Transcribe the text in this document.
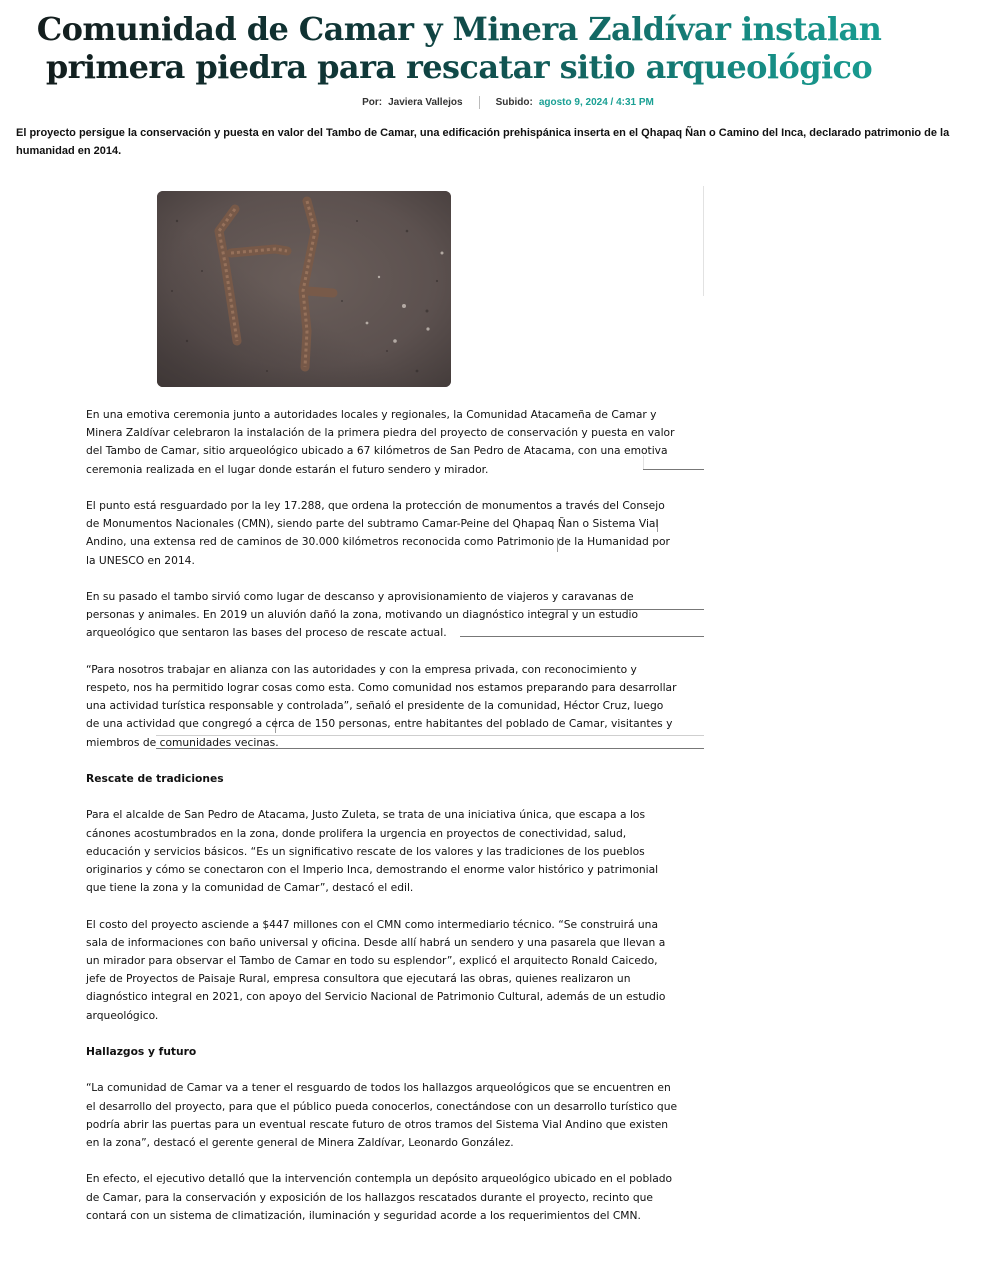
Comunidad de Camar y Minera Zaldívar instalan primera piedra para rescatar sitio arqueológico
Por: Javiera Vallejos	Subido: agosto 9, 2024 / 4:31 PM

El proyecto persigue la conservación y puesta en valor del Tambo de Camar, una edificación prehispánica inserta en el Qhapaq Ñan o Camino del Inca, declarado patrimonio de la humanidad en 2014.

En una emotiva ceremonia junto a autoridades locales y regionales, la Comunidad Atacameña de Camar y Minera Zaldívar celebraron la instalación de la primera piedra del proyecto de conservación y puesta en valor del Tambo de Camar, sitio arqueológico ubicado a 67 kilómetros de San Pedro de Atacama, con una emotiva ceremonia realizada en el lugar donde estarán el futuro sendero y mirador.

El punto está resguardado por la ley 17.288, que ordena la protección de monumentos a través del Consejo de Monumentos Nacionales (CMN), siendo parte del subtramo Camar-Peine del Qhapaq Ñan o Sistema Vial Andino, una extensa red de caminos de 30.000 kilómetros reconocida como Patrimonio de la Humanidad por la UNESCO en 2014.

En su pasado el tambo sirvió como lugar de descanso y aprovisionamiento de viajeros y caravanas de personas y animales. En 2019 un aluvión dañó la zona, motivando un diagnóstico integral y un estudio arqueológico que sentaron las bases del proceso de rescate actual.

“Para nosotros trabajar en alianza con las autoridades y con la empresa privada, con reconocimiento y respeto, nos ha permitido lograr cosas como esta. Como comunidad nos estamos preparando para desarrollar una actividad turística responsable y controlada”, señaló el presidente de la comunidad, Héctor Cruz, luego de una actividad que congregó a cerca de 150 personas, entre habitantes del poblado de Camar, visitantes y miembros de comunidades vecinas.

Rescate de tradiciones

Para el alcalde de San Pedro de Atacama, Justo Zuleta, se trata de una iniciativa única, que escapa a los cánones acostumbrados en la zona, donde prolifera la urgencia en proyectos de conectividad, salud, educación y servicios básicos. “Es un significativo rescate de los valores y las tradiciones de los pueblos originarios y cómo se conectaron con el Imperio Inca, demostrando el enorme valor histórico y patrimonial que tiene la zona y la comunidad de Camar”, destacó el edil.

El costo del proyecto asciende a $447 millones con el CMN como intermediario técnico. “Se construirá una sala de informaciones con baño universal y oficina. Desde allí habrá un sendero y una pasarela que llevan a un mirador para observar el Tambo de Camar en todo su esplendor”, explicó el arquitecto Ronald Caicedo, jefe de Proyectos de Paisaje Rural, empresa consultora que ejecutará las obras, quienes realizaron un diagnóstico integral en 2021, con apoyo del Servicio Nacional de Patrimonio Cultural, además de un estudio arqueológico.

Hallazgos y futuro

“La comunidad de Camar va a tener el resguardo de todos los hallazgos arqueológicos que se encuentren en el desarrollo del proyecto, para que el público pueda conocerlos, conectándose con un desarrollo turístico que podría abrir las puertas para un eventual rescate futuro de otros tramos del Sistema Vial Andino que existen en la zona”, destacó el gerente general de Minera Zaldívar, Leonardo González.

En efecto, el ejecutivo detalló que la intervención contempla un depósito arqueológico ubicado en el poblado de Camar, para la conservación y exposición de los hallazgos rescatados durante el proyecto, recinto que contará con un sistema de climatización, iluminación y seguridad acorde a los requerimientos del CMN.
